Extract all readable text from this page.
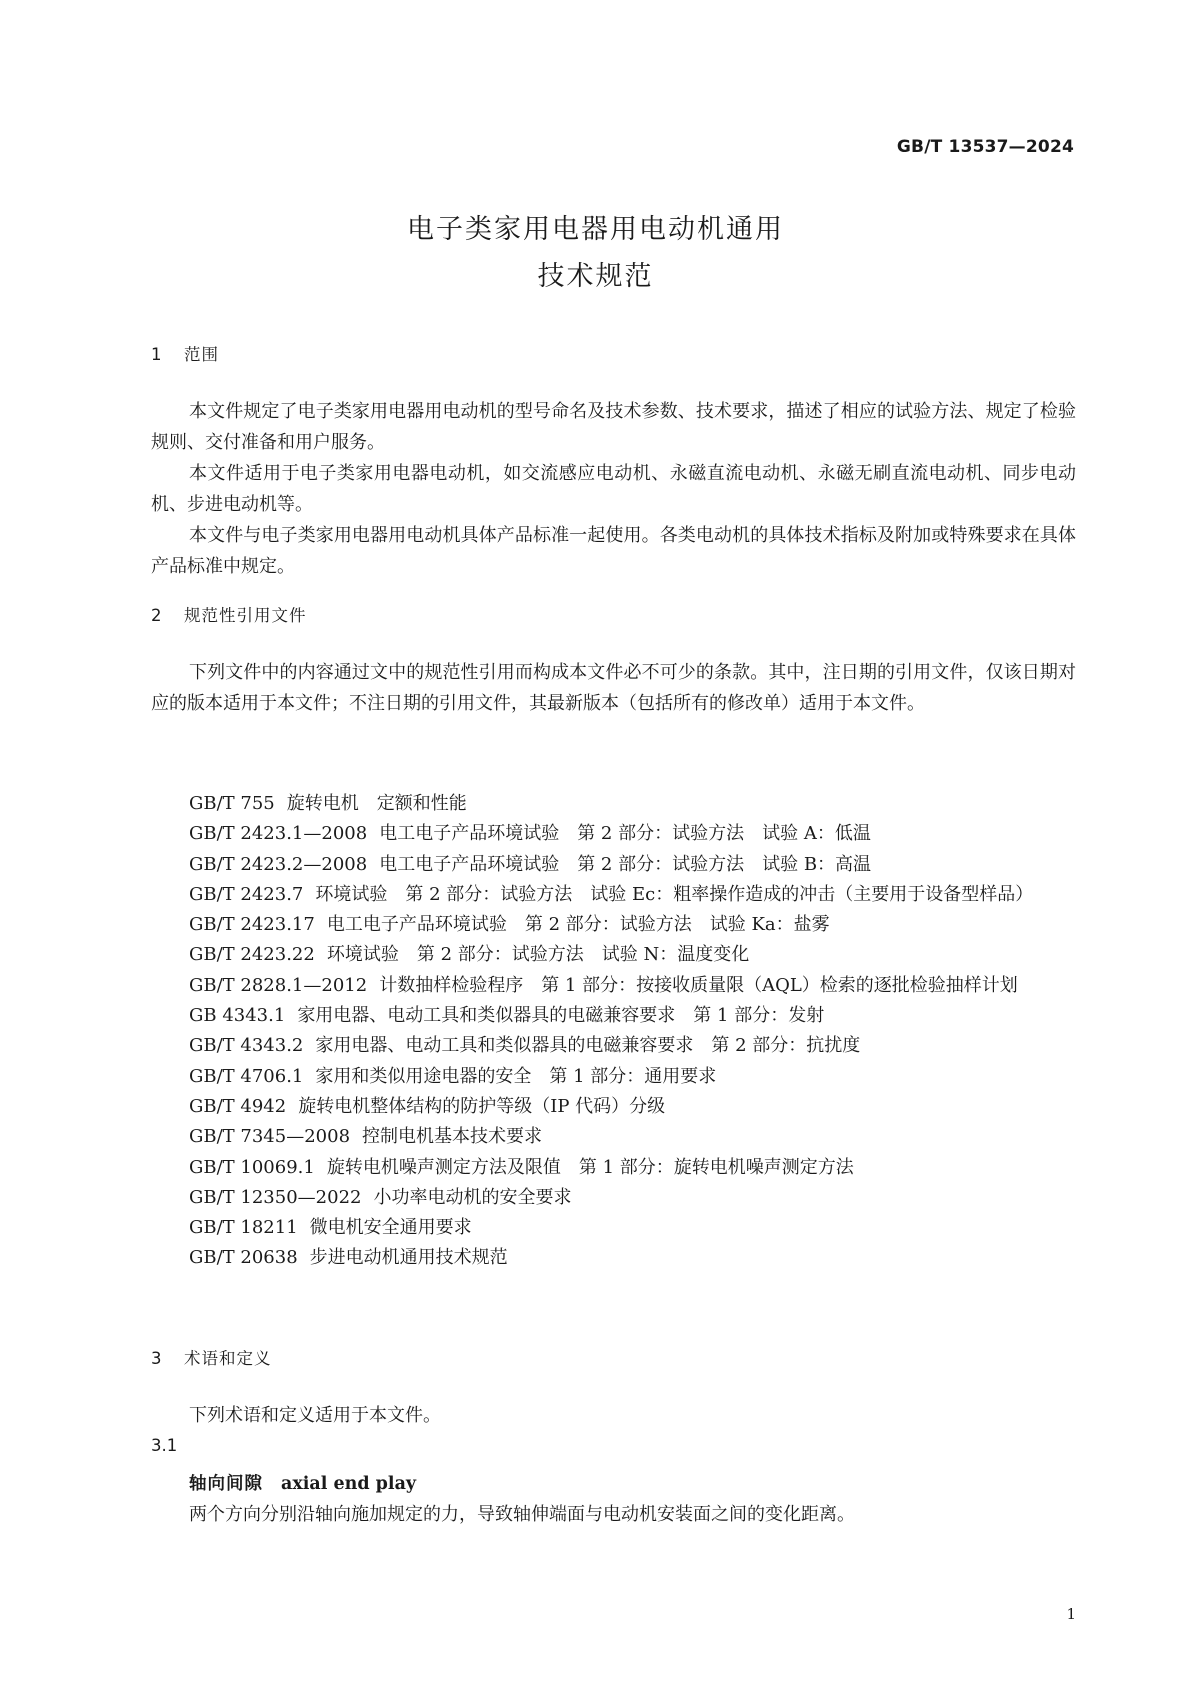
GB/T 13537—2024
电子类家用电器用电动机通用
技术规范
1 范围
本文件规定了电子类家用电器用电动机的型号命名及技术参数、技术要求，描述了相应的试验方法、规定了检验规则、交付准备和用户服务。
本文件适用于电子类家用电器电动机，如交流感应电动机、永磁直流电动机、永磁无刷直流电动机、同步电动机、步进电动机等。
本文件与电子类家用电器用电动机具体产品标准一起使用。各类电动机的具体技术指标及附加或特殊要求在具体产品标准中规定。
2 规范性引用文件
下列文件中的内容通过文中的规范性引用而构成本文件必不可少的条款。其中，注日期的引用文件，仅该日期对应的版本适用于本文件；不注日期的引用文件，其最新版本（包括所有的修改单）适用于本文件。
GB/T 755 旋转电机　定额和性能
GB/T 2423.1—2008 电工电子产品环境试验　第 2 部分：试验方法　试验 A：低温
GB/T 2423.2—2008 电工电子产品环境试验　第 2 部分：试验方法　试验 B：高温
GB/T 2423.7 环境试验　第 2 部分：试验方法　试验 Ec：粗率操作造成的冲击（主要用于设备型样品）
GB/T 2423.17 电工电子产品环境试验　第 2 部分：试验方法　试验 Ka：盐雾
GB/T 2423.22 环境试验　第 2 部分：试验方法　试验 N：温度变化
GB/T 2828.1—2012 计数抽样检验程序　第 1 部分：按接收质量限（AQL）检索的逐批检验抽样计划
GB 4343.1 家用电器、电动工具和类似器具的电磁兼容要求　第 1 部分：发射
GB/T 4343.2 家用电器、电动工具和类似器具的电磁兼容要求　第 2 部分：抗扰度
GB/T 4706.1 家用和类似用途电器的安全　第 1 部分：通用要求
GB/T 4942 旋转电机整体结构的防护等级（IP 代码）分级
GB/T 7345—2008 控制电机基本技术要求
GB/T 10069.1 旋转电机噪声测定方法及限值　第 1 部分：旋转电机噪声测定方法
GB/T 12350—2022 小功率电动机的安全要求
GB/T 18211 微电机安全通用要求
GB/T 20638 步进电动机通用技术规范
3 术语和定义
下列术语和定义适用于本文件。
3.1
轴向间隙 axial end play
两个方向分别沿轴向施加规定的力，导致轴伸端面与电动机安装面之间的变化距离。
1
